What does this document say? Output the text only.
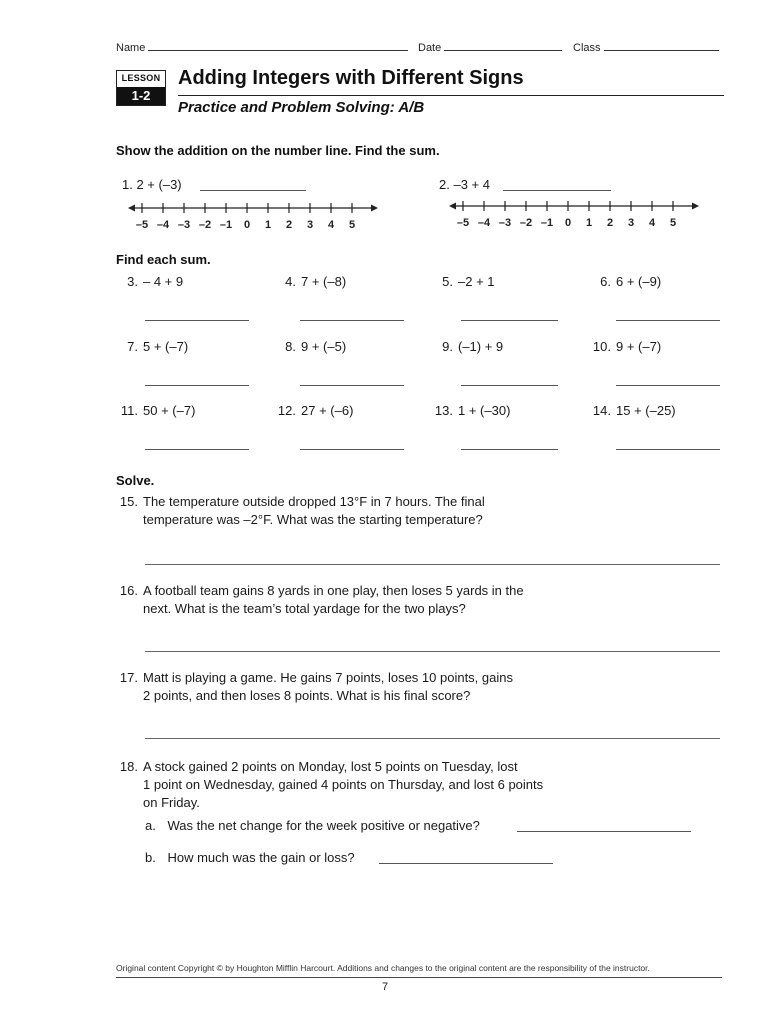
Name	Date	Class
LESSON
1-2
Adding Integers with Different Signs
Practice and Problem Solving: A/B
Show the addition on the number line. Find the sum.
1. 2 + (–3)	2. –3 + 4
–5 –4 –3 –2 –1 0 1 2 3 4 5	–5 –4 –3 –2 –1 0 1 2 3 4 5
Find each sum.
3. – 4 + 9	4. 7 + (–8)	5. –2 + 1	6. 6 + (–9)
7. 5 + (–7)	8. 9 + (–5)	9. (–1) + 9	10. 9 + (–7)
11. 50 + (–7)	12. 27 + (–6)	13. 1 + (–30)	14. 15 + (–25)
Solve.
15. The temperature outside dropped 13°F in 7 hours. The final
temperature was –2°F. What was the starting temperature?
16. A football team gains 8 yards in one play, then loses 5 yards in the
next. What is the team’s total yardage for the two plays?
17. Matt is playing a game. He gains 7 points, loses 10 points, gains
2 points, and then loses 8 points. What is his final score?
18. A stock gained 2 points on Monday, lost 5 points on Tuesday, lost
1 point on Wednesday, gained 4 points on Thursday, and lost 6 points
on Friday.
a. Was the net change for the week positive or negative?
b. How much was the gain or loss?
Original content Copyright © by Houghton Mifflin Harcourt. Additions and changes to the original content are the responsibility of the instructor.
7
